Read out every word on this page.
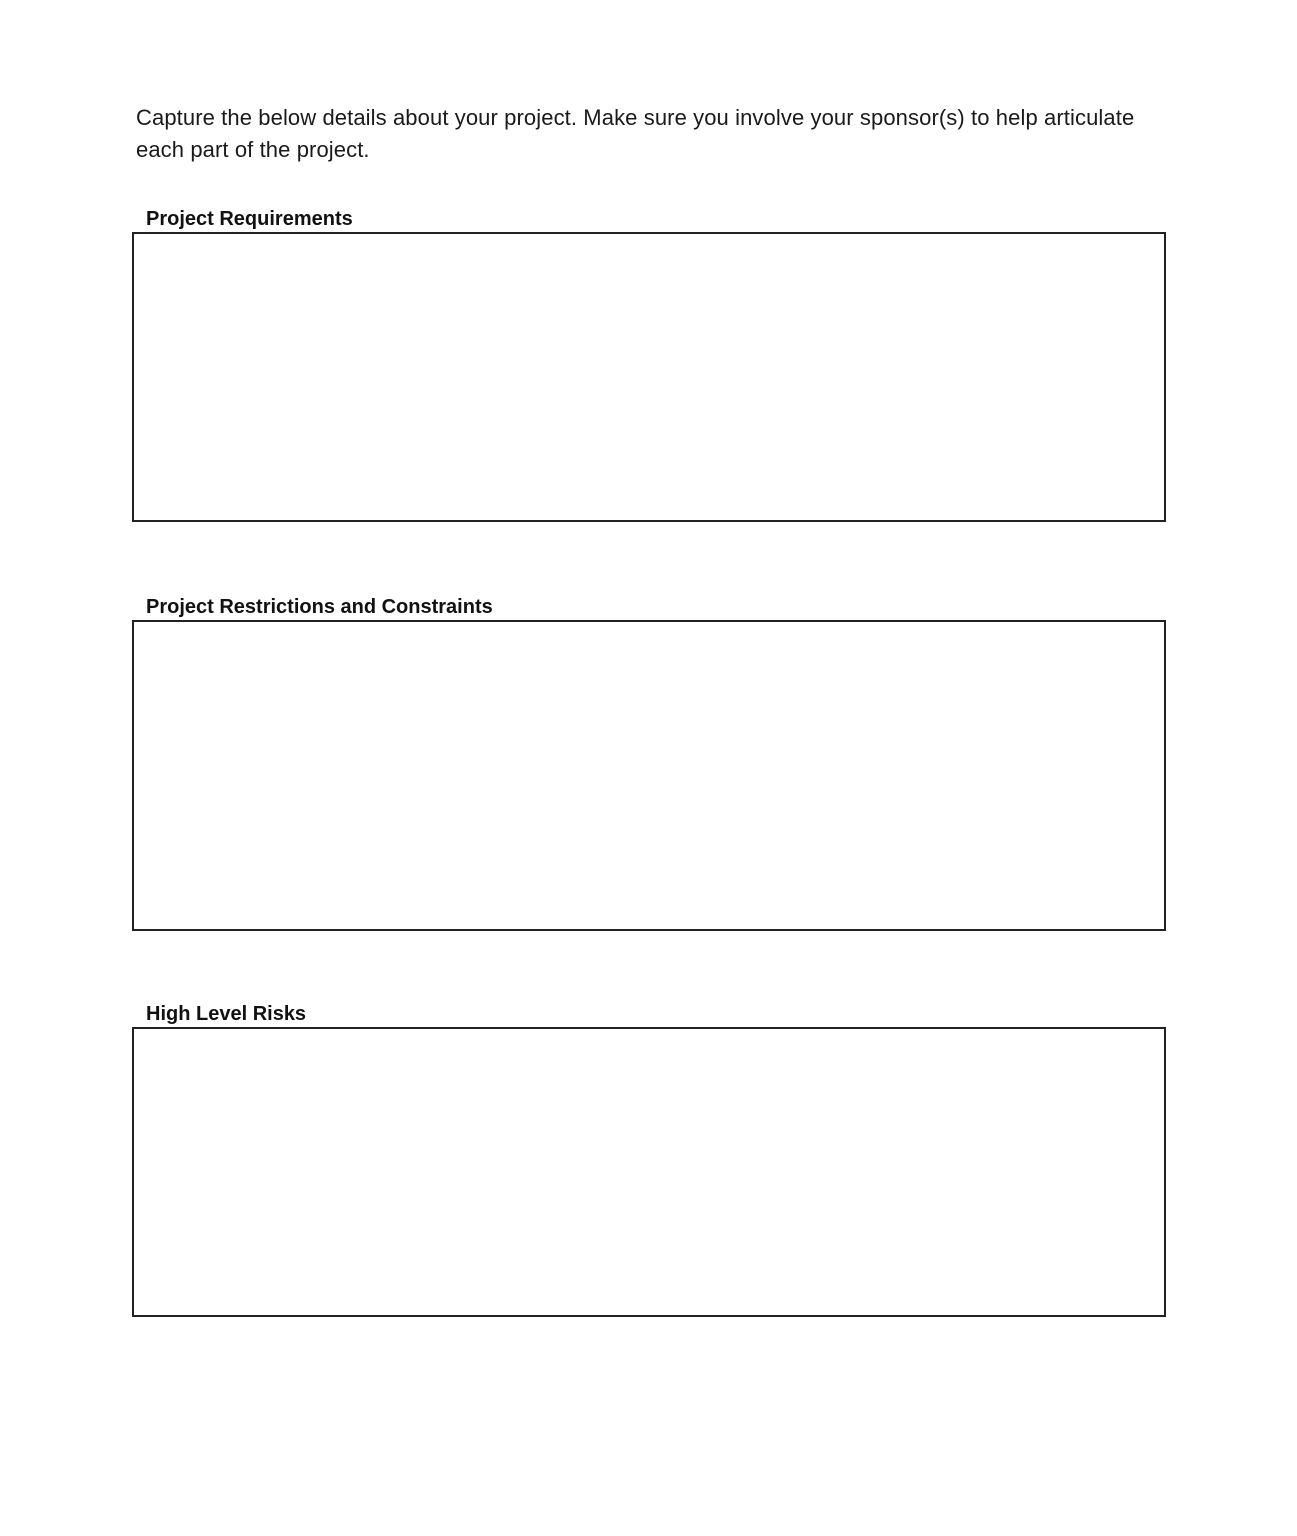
Capture the below details about your project. Make sure you involve your sponsor(s) to help articulate each part of the project.

Project Requirements
Project Restrictions and Constraints
High Level Risks
